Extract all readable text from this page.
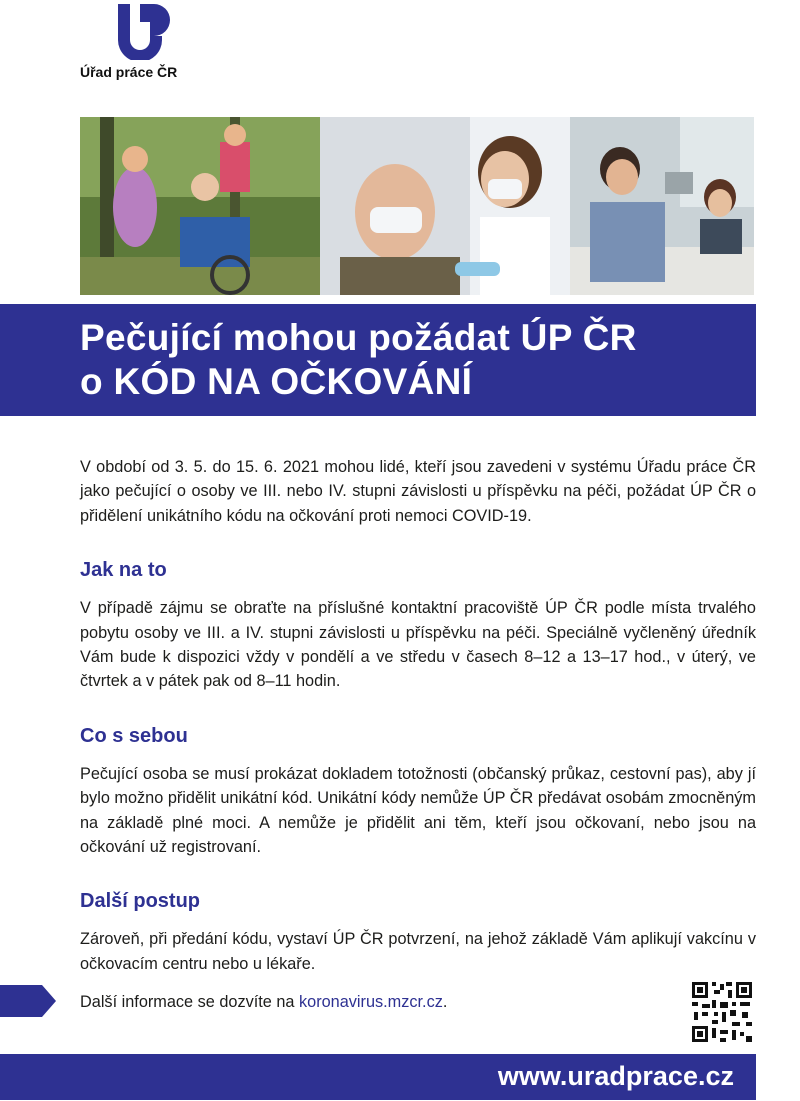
Úřad práce ČR
Pečující mohou požádat ÚP ČR
o KÓD NA OČKOVÁNÍ

V období od 3. 5. do 15. 6. 2021 mohou lidé, kteří jsou zavedeni v systému Úřadu práce ČR jako pečující o osoby ve III. nebo IV. stupni závislosti u příspěvku na péči, požádat ÚP ČR o přidělení unikátního kódu na očkování proti nemoci COVID-19.

Jak na to

V případě zájmu se obraťte na příslušné kontaktní pracoviště ÚP ČR podle místa trvalého pobytu osoby ve III. a IV. stupni závislosti u příspěvku na péči. Speciálně vyčleněný úředník Vám bude k dispozici vždy v pondělí a ve středu v časech 8–12 a 13–17 hod., v úterý, ve čtvrtek a v pátek pak od 8–11 hodin.

Co s sebou

Pečující osoba se musí prokázat dokladem totožnosti (občanský průkaz, cestovní pas), aby jí bylo možno přidělit unikátní kód. Unikátní kódy nemůže ÚP ČR předávat osobám zmocněným na základě plné moci. A nemůže je přidělit ani těm, kteří jsou očkovaní, nebo jsou na očkování už registrovaní.

Další postup

Zároveň, při předání kódu, vystaví ÚP ČR potvrzení, na jehož základě Vám aplikují vakcínu v očkovacím centru nebo u lékaře.

Další informace se dozvíte na koronavirus.mzcr.cz.

www.uradprace.cz
